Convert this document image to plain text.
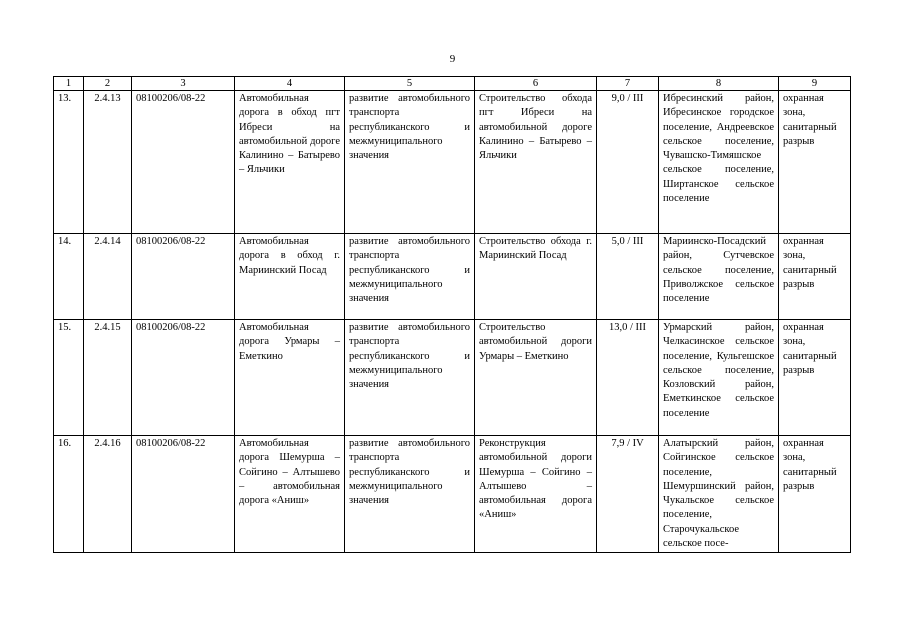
9
1	2	3	4	5	6	7	8	9
13.	2.4.13	08100206/08-22	Автомобильная дорога в обход пгт Ибреси на автомобильной дороге Калинино – Батырево – Яльчики	развитие автомобильного транспорта республиканского и межмуниципального значения	Строительство обхода пгт Ибреси на автомобильной дороге Калинино – Батырево – Яльчики	9,0 / III	Ибресинский район, Ибресинское городское поселение, Андреевское сельское поселение, Чувашско-Тимяшское сельское поселение, Ширтанское сельское поселение	охранная зона, санитарный разрыв
14.	2.4.14	08100206/08-22	Автомобильная дорога в обход г. Мариинский Посад	развитие автомобильного транспорта республиканского и межмуниципального значения	Строительство обхода г. Мариинский Посад	5,0 / III	Мариинско-Посадский район, Сутчевское сельское поселение, Приволжское сельское поселение	охранная зона, санитарный разрыв
15.	2.4.15	08100206/08-22	Автомобильная дорога Урмары – Еметкино	развитие автомобильного транспорта республиканского и межмуниципального значения	Строительство автомобильной дороги Урмары – Еметкино	13,0 / III	Урмарский район, Челкасинское сельское поселение, Кульгешское сельское поселение, Козловский район, Еметкинское сельское поселение	охранная зона, санитарный разрыв
16.	2.4.16	08100206/08-22	Автомобильная дорога Шемурша – Сойгино – Алтышево – автомобильная дорога «Аниш»	развитие автомобильного транспорта республиканского и межмуниципального значения	Реконструкция автомобильной дороги Шемурша – Сойгино – Алтышево – автомобильная дорога «Аниш»	7,9 / IV	Алатырский район, Сойгинское сельское поселение, Шемуршинский район, Чукальское сельское поселение, Старочукальское сельское посе-	охранная зона, санитарный разрыв
